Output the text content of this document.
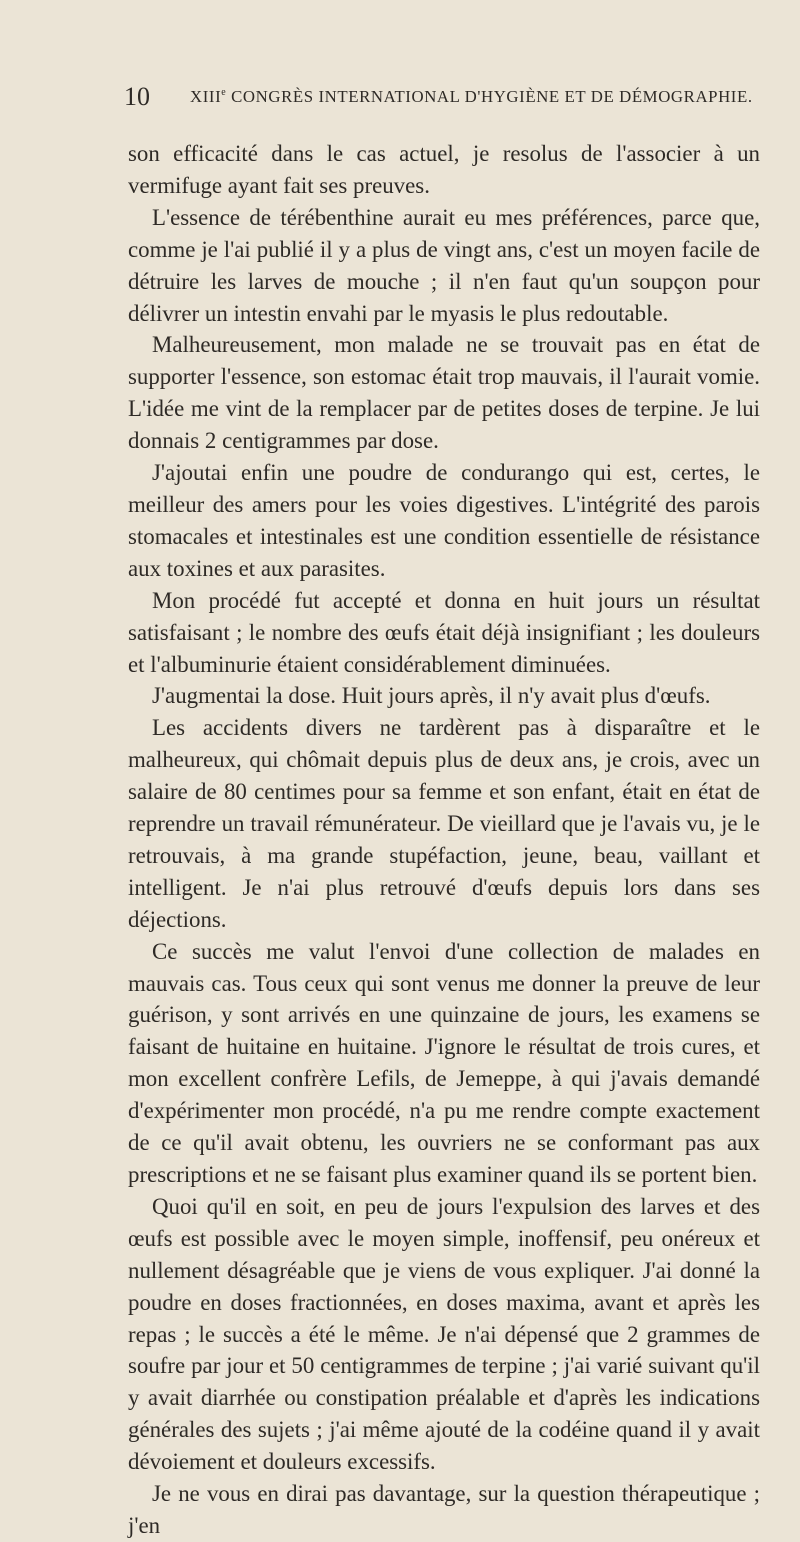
10 XIIIe CONGRÈS INTERNATIONAL D'HYGIÈNE ET DE DÉMOGRAPHIE.

son efficacité dans le cas actuel, je resolus de l'associer à un vermifuge ayant fait ses preuves.

L'essence de térébenthine aurait eu mes préférences, parce que, comme je l'ai publié il y a plus de vingt ans, c'est un moyen facile de détruire les larves de mouche ; il n'en faut qu'un soupçon pour délivrer un intestin envahi par le myasis le plus redoutable.

Malheureusement, mon malade ne se trouvait pas en état de supporter l'essence, son estomac était trop mauvais, il l'aurait vomie. L'idée me vint de la remplacer par de petites doses de terpine. Je lui donnais 2 centigrammes par dose.

J'ajoutai enfin une poudre de condurango qui est, certes, le meilleur des amers pour les voies digestives. L'intégrité des parois stomacales et intestinales est une condition essentielle de résistance aux toxines et aux parasites.

Mon procédé fut accepté et donna en huit jours un résultat satisfaisant ; le nombre des œufs était déjà insignifiant ; les douleurs et l'albuminurie étaient considérablement diminuées.

J'augmentai la dose. Huit jours après, il n'y avait plus d'œufs.

Les accidents divers ne tardèrent pas à disparaître et le malheureux, qui chômait depuis plus de deux ans, je crois, avec un salaire de 80 centimes pour sa femme et son enfant, était en état de reprendre un travail rémunérateur. De vieillard que je l'avais vu, je le retrouvais, à ma grande stupéfaction, jeune, beau, vaillant et intelligent. Je n'ai plus retrouvé d'œufs depuis lors dans ses déjections.

Ce succès me valut l'envoi d'une collection de malades en mauvais cas. Tous ceux qui sont venus me donner la preuve de leur guérison, y sont arrivés en une quinzaine de jours, les examens se faisant de huitaine en huitaine. J'ignore le résultat de trois cures, et mon excellent confrère Lefils, de Jemeppe, à qui j'avais demandé d'expérimenter mon procédé, n'a pu me rendre compte exactement de ce qu'il avait obtenu, les ouvriers ne se conformant pas aux prescriptions et ne se faisant plus examiner quand ils se portent bien.

Quoi qu'il en soit, en peu de jours l'expulsion des larves et des œufs est possible avec le moyen simple, inoffensif, peu onéreux et nullement désagréable que je viens de vous expliquer. J'ai donné la poudre en doses fractionnées, en doses maxima, avant et après les repas ; le succès a été le même. Je n'ai dépensé que 2 grammes de soufre par jour et 50 centigrammes de terpine ; j'ai varié suivant qu'il y avait diarrhée ou constipation préalable et d'après les indications générales des sujets ; j'ai même ajouté de la codéine quand il y avait dévoiement et douleurs excessifs.

Je ne vous en dirai pas davantage, sur la question thérapeutique ; j'en
